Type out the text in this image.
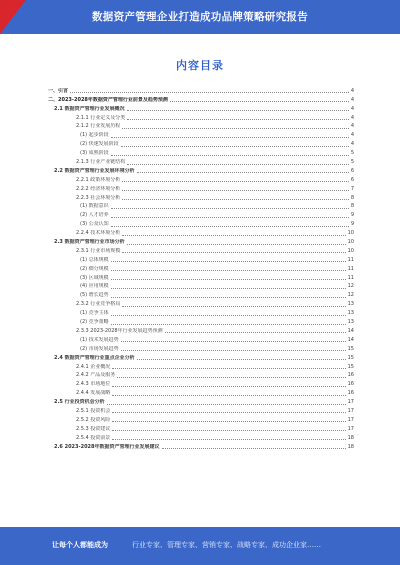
数据资产管理企业打造成功品牌策略研究报告
内容目录
一、引言	4
二、2023-2028年数据资产管理行业前景及趋势预测	4
2.1 数据资产管理行业发展概况	4
2.1.1 行业定义及分类	4
2.1.2 行业发展历程	4
(1) 起步阶段	4
(2) 快速发展阶段	4
(3) 成熟阶段	5
2.1.3 行业产业链结构	5
2.2 数据资产管理行业发展环境分析	6
2.2.1 政策环境分析	6
2.2.2 经济环境分析	7
2.2.3 社会环境分析	8
(1) 数据意识	8
(2) 人才培养	9
(3) 公众认知	9
2.2.4 技术环境分析	10
2.3 数据资产管理行业市场分析	10
2.3.1 行业市场规模	10
(1) 总体规模	11
(2) 细分规模	11
(3) 区域规模	11
(4) 应用规模	12
(5) 增长趋势	12
2.3.2 行业竞争格局	13
(1) 竞争主体	13
(2) 竞争策略	13
2.3.3 2023-2028年行业发展趋势预测	14
(1) 技术发展趋势	14
(2) 市场发展趋势	15
2.4 数据资产管理行业重点企业分析	15
2.4.1 企业概况	15
2.4.2 产品及服务	16
2.4.3 市场地位	16
2.4.4 发展战略	16
2.5 行业投资机会分析	17
2.5.1 投资机会	17
2.5.2 投资风险	17
2.5.3 投资建议	17
2.5.4 投资前景	18
2.6 2023-2028年数据资产管理行业发展建议	18
让每个人都能成为	行业专家、管理专家、营销专家、战略专家、成功企业家……
